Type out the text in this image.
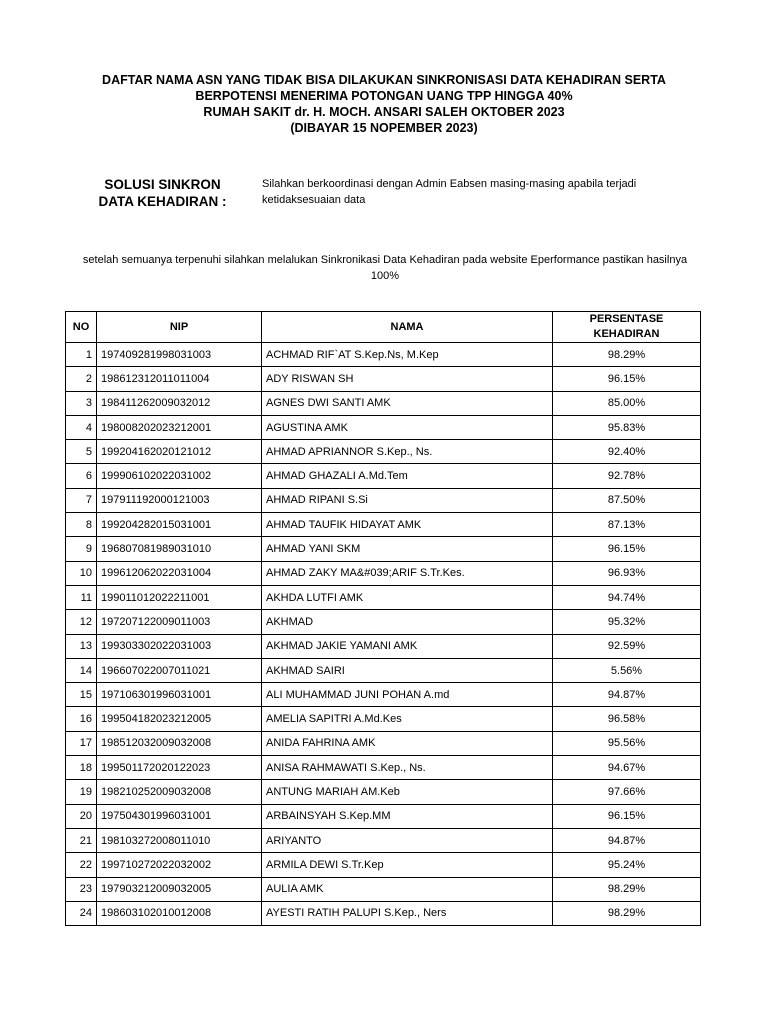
DAFTAR NAMA ASN YANG TIDAK BISA DILAKUKAN SINKRONISASI DATA KEHADIRAN SERTA
BERPOTENSI MENERIMA POTONGAN UANG TPP HINGGA 40%
RUMAH SAKIT dr. H. MOCH. ANSARI SALEH OKTOBER 2023
(DIBAYAR 15 NOPEMBER 2023)
SOLUSI SINKRON
DATA KEHADIRAN :
Silahkan berkoordinasi dengan Admin Eabsen masing-masing apabila terjadi ketidaksesuaian data
setelah semuanya terpenuhi silahkan melalukan Sinkronikasi Data Kehadiran pada website Eperformance pastikan hasilnya 100%
NO	NIP	NAMA	PERSENTASE KEHADIRAN
1	197409281998031003	ACHMAD RIF`AT S.Kep.Ns, M.Kep	98.29%
2	198612312011011004	ADY RISWAN SH	96.15%
3	198411262009032012	AGNES DWI SANTI AMK	85.00%
4	198008202023212001	AGUSTINA AMK	95.83%
5	199204162020121012	AHMAD APRIANNOR S.Kep., Ns.	92.40%
6	199906102022031002	AHMAD GHAZALI A.Md.Tem	92.78%
7	197911192000121003	AHMAD RIPANI S.Si	87.50%
8	199204282015031001	AHMAD TAUFIK HIDAYAT AMK	87.13%
9	196807081989031010	AHMAD YANI SKM	96.15%
10	199612062022031004	AHMAD ZAKY MA&#039;ARIF S.Tr.Kes.	96.93%
11	199011012022211001	AKHDA LUTFI AMK	94.74%
12	197207122009011003	AKHMAD	95.32%
13	199303302022031003	AKHMAD JAKIE YAMANI AMK	92.59%
14	196607022007011021	AKHMAD SAIRI	5.56%
15	197106301996031001	ALI MUHAMMAD JUNI POHAN A.md	94.87%
16	199504182023212005	AMELIA SAPITRI A.Md.Kes	96.58%
17	198512032009032008	ANIDA FAHRINA AMK	95.56%
18	199501172020122023	ANISA RAHMAWATI S.Kep., Ns.	94.67%
19	198210252009032008	ANTUNG MARIAH AM.Keb	97.66%
20	197504301996031001	ARBAINSYAH S.Kep.MM	96.15%
21	198103272008011010	ARIYANTO	94.87%
22	199710272022032002	ARMILA DEWI S.Tr.Kep	95.24%
23	197903212009032005	AULIA AMK	98.29%
24	198603102010012008	AYESTI RATIH PALUPI S.Kep., Ners	98.29%
